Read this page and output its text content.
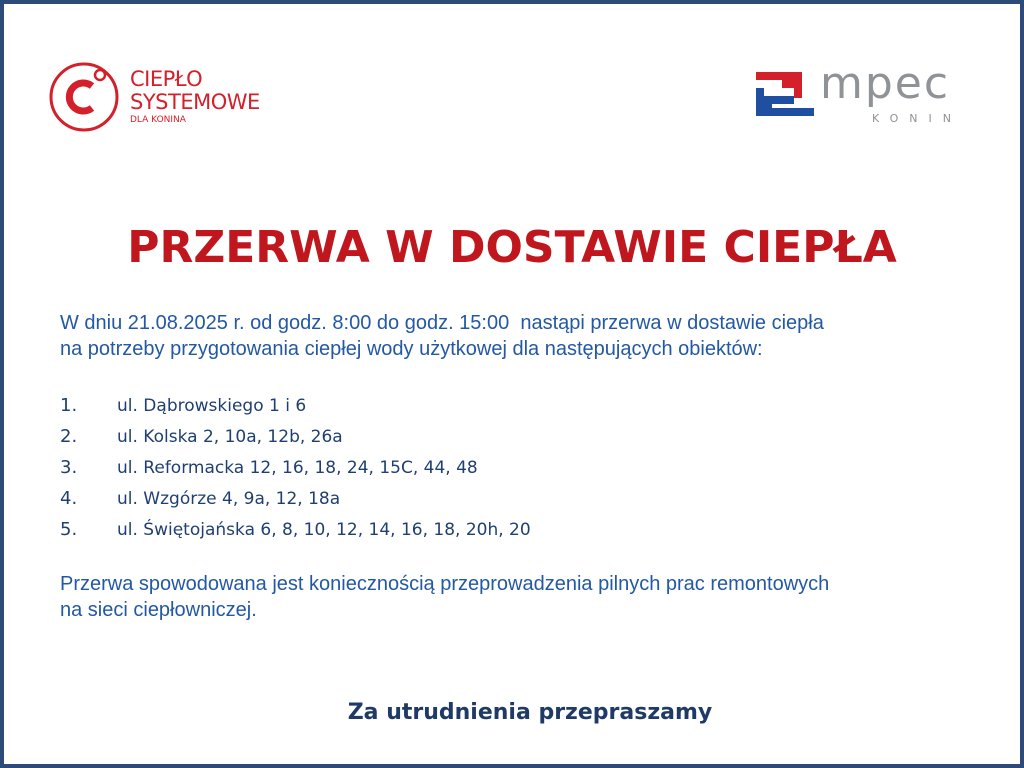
CIEPŁO
SYSTEMOWE
DLA KONINA
mpec
KONIN
PRZERWA W DOSTAWIE CIEPŁA
W dniu 21.08.2025 r. od godz. 8:00 do godz. 15:00  nastąpi przerwa w dostawie ciepła
na potrzeby przygotowania ciepłej wody użytkowej dla następujących obiektów:
1.	ul. Dąbrowskiego 1 i 6
2.	ul. Kolska 2, 10a, 12b, 26a
3.	ul. Reformacka 12, 16, 18, 24, 15C, 44, 48
4.	ul. Wzgórze 4, 9a, 12, 18a
5.	ul. Świętojańska 6, 8, 10, 12, 14, 16, 18, 20h, 20
Przerwa spowodowana jest koniecznością przeprowadzenia pilnych prac remontowych
na sieci ciepłowniczej.
Za utrudnienia przepraszamy
